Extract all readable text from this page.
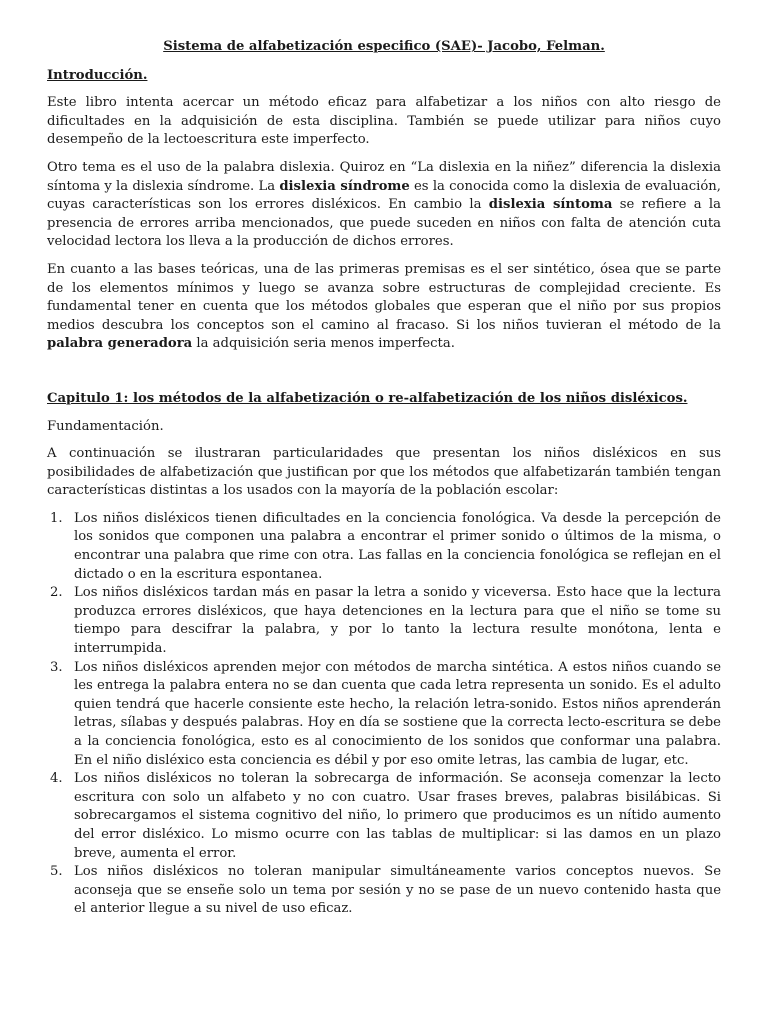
Sistema de alfabetización especifico (SAE)- Jacobo, Felman.
Introducción.

Este libro intenta acercar un método eficaz para alfabetizar a los niños con alto riesgo de dificultades en la adquisición de esta disciplina. También se puede utilizar para niños cuyo desempeño de la lectoescritura este imperfecto.

Otro tema es el uso de la palabra dislexia. Quiroz en “La dislexia en la niñez” diferencia la dislexia síntoma y la dislexia síndrome. La dislexia síndrome es la conocida como la dislexia de evaluación, cuyas características son los errores disléxicos. En cambio la dislexia síntoma se refiere a la presencia de errores arriba mencionados, que puede suceden en niños con falta de atención cuta velocidad lectora los lleva a la producción de dichos errores.

En cuanto a las bases teóricas, una de las primeras premisas es el ser sintético, ósea que se parte de los elementos mínimos y luego se avanza sobre estructuras de complejidad creciente. Es fundamental tener en cuenta que los métodos globales que esperan que el niño por sus propios medios descubra los conceptos son el camino al fracaso. Si los niños tuvieran el método de la palabra generadora la adquisición seria menos imperfecta.

Capitulo 1: los métodos de la alfabetización o re-alfabetización de los niños disléxicos.
Fundamentación.

A continuación se ilustraran particularidades que presentan los niños disléxicos en sus posibilidades de alfabetización que justifican por que los métodos que alfabetizarán también tengan características distintas a los usados con la mayoría de la población escolar:

1. Los niños disléxicos tienen dificultades en la conciencia fonológica. Va desde la percepción de los sonidos que componen una palabra a encontrar el primer sonido o últimos de la misma, o encontrar una palabra que rime con otra. Las fallas en la conciencia fonológica se reflejan en el dictado o en la escritura espontanea.
2. Los niños disléxicos tardan más en pasar la letra a sonido y viceversa. Esto hace que la lectura produzca errores disléxicos, que haya detenciones en la lectura para que el niño se tome su tiempo para descifrar la palabra, y por lo tanto la lectura resulte monótona, lenta e interrumpida.
3. Los niños disléxicos aprenden mejor con métodos de marcha sintética. A estos niños cuando se les entrega la palabra entera no se dan cuenta que cada letra representa un sonido. Es el adulto quien tendrá que hacerle consiente este hecho, la relación letra-sonido. Estos niños aprenderán letras, sílabas y después palabras. Hoy en día se sostiene que la correcta lecto-escritura se debe a la conciencia fonológica, esto es al conocimiento de los sonidos que conformar una palabra. En el niño disléxico esta conciencia es débil y por eso omite letras, las cambia de lugar, etc.
4. Los niños disléxicos no toleran la sobrecarga de información. Se aconseja comenzar la lecto escritura con solo un alfabeto y no con cuatro. Usar frases breves, palabras bisilábicas. Si sobrecargamos el sistema cognitivo del niño, lo primero que producimos es un nítido aumento del error disléxico. Lo mismo ocurre con las tablas de multiplicar: si las damos en un plazo breve, aumenta el error.
5. Los niños disléxicos no toleran manipular simultáneamente varios conceptos nuevos. Se aconseja que se enseñe solo un tema por sesión y no se pase de un nuevo contenido hasta que el anterior llegue a su nivel de uso eficaz.
